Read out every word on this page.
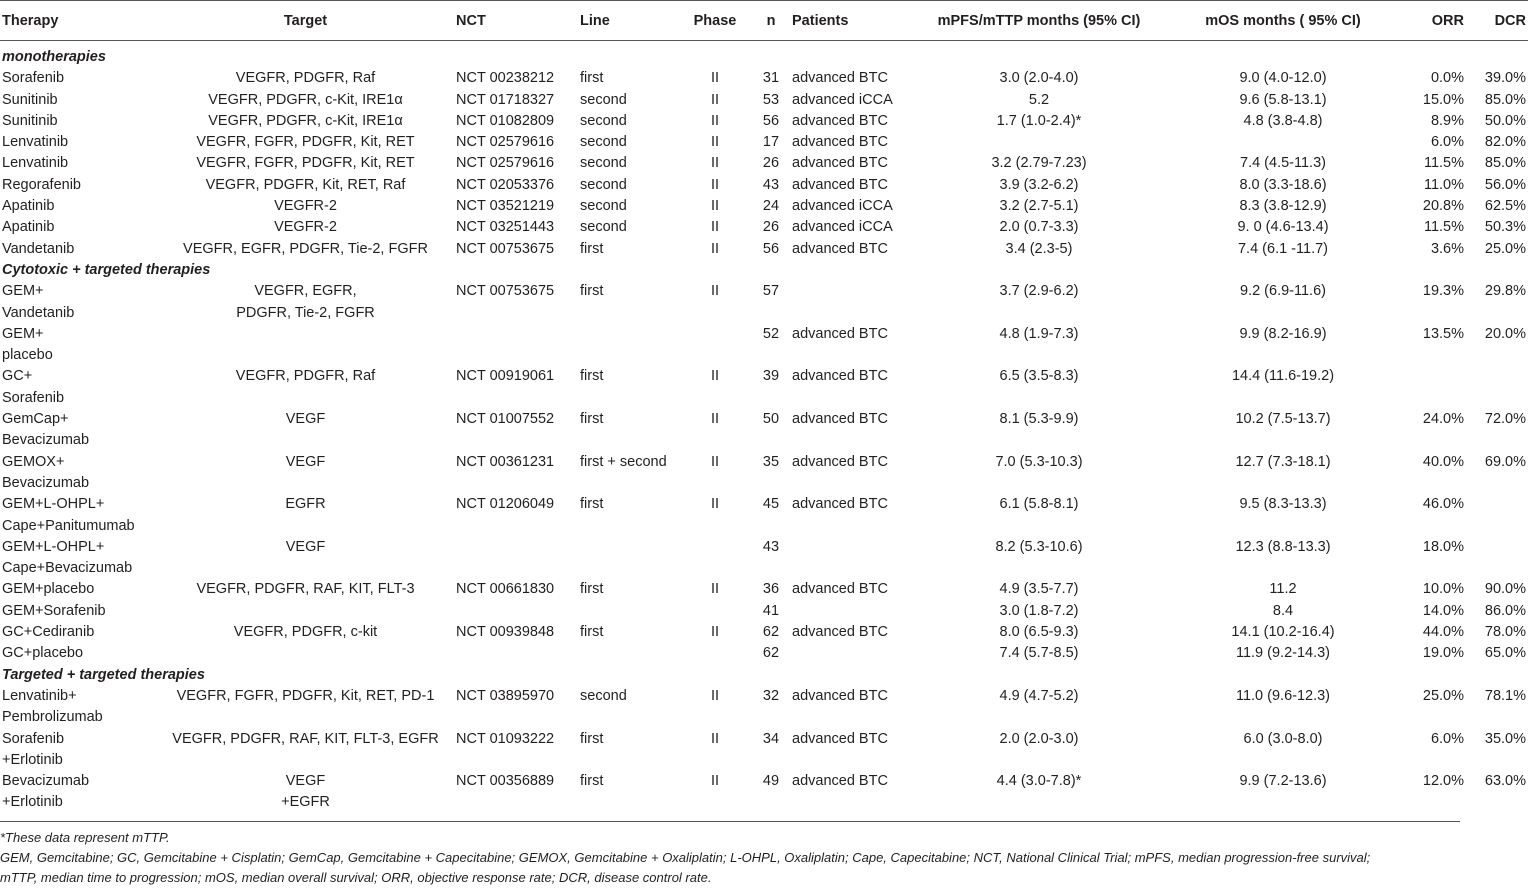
Therapy	Target	NCT	Line	Phase	n	Patients	mPFS/mTTP months (95% CI)	mOS months ( 95% CI)	ORR	DCR
monotherapies										
Sorafenib	VEGFR, PDGFR, Raf	NCT 00238212	first	II	31	advanced BTC	3.0 (2.0-4.0)	9.0 (4.0-12.0)	0.0%	39.0%
Sunitinib	VEGFR, PDGFR, c-Kit, IRE1α	NCT 01718327	second	II	53	advanced iCCA	5.2	9.6 (5.8-13.1)	15.0%	85.0%
Sunitinib	VEGFR, PDGFR, c-Kit, IRE1α	NCT 01082809	second	II	56	advanced BTC	1.7 (1.0-2.4)*	4.8 (3.8-4.8)	8.9%	50.0%
Lenvatinib	VEGFR, FGFR, PDGFR, Kit, RET	NCT 02579616	second	II	17	advanced BTC			6.0%	82.0%
Lenvatinib	VEGFR, FGFR, PDGFR, Kit, RET	NCT 02579616	second	II	26	advanced BTC	3.2 (2.79-7.23)	7.4 (4.5-11.3)	11.5%	85.0%
Regorafenib	VEGFR, PDGFR, Kit, RET, Raf	NCT 02053376	second	II	43	advanced BTC	3.9 (3.2-6.2)	8.0 (3.3-18.6)	11.0%	56.0%
Apatinib	VEGFR-2	NCT 03521219	second	II	24	advanced iCCA	3.2 (2.7-5.1)	8.3 (3.8-12.9)	20.8%	62.5%
Apatinib	VEGFR-2	NCT 03251443	second	II	26	advanced iCCA	2.0 (0.7-3.3)	9. 0 (4.6-13.4)	11.5%	50.3%
Vandetanib	VEGFR, EGFR, PDGFR, Tie-2, FGFR	NCT 00753675	first	II	56	advanced BTC	3.4 (2.3-5)	7.4 (6.1 -11.7)	3.6%	25.0%
Cytotoxic + targeted therapies										
GEM+	VEGFR, EGFR,	NCT 00753675	first	II	57		3.7 (2.9-6.2)	9.2 (6.9-11.6)	19.3%	29.8%
Vandetanib	PDGFR, Tie-2, FGFR									
GEM+					52	advanced BTC	4.8 (1.9-7.3)	9.9 (8.2-16.9)	13.5%	20.0%
placebo										
GC+	VEGFR, PDGFR, Raf	NCT 00919061	first	II	39	advanced BTC	6.5 (3.5-8.3)	14.4 (11.6-19.2)		
Sorafenib										
GemCap+	VEGF	NCT 01007552	first	II	50	advanced BTC	8.1 (5.3-9.9)	10.2 (7.5-13.7)	24.0%	72.0%
Bevacizumab										
GEMOX+	VEGF	NCT 00361231	first + second	II	35	advanced BTC	7.0 (5.3-10.3)	12.7 (7.3-18.1)	40.0%	69.0%
Bevacizumab										
GEM+L-OHPL+	EGFR	NCT 01206049	first	II	45	advanced BTC	6.1 (5.8-8.1)	9.5 (8.3-13.3)	46.0%	
Cape+Panitumumab										
GEM+L-OHPL+	VEGF				43		8.2 (5.3-10.6)	12.3 (8.8-13.3)	18.0%	
Cape+Bevacizumab										
GEM+placebo	VEGFR, PDGFR, RAF, KIT, FLT-3	NCT 00661830	first	II	36	advanced BTC	4.9 (3.5-7.7)	11.2	10.0%	90.0%
GEM+Sorafenib					41		3.0 (1.8-7.2)	8.4	14.0%	86.0%
GC+Cediranib	VEGFR, PDGFR, c-kit	NCT 00939848	first	II	62	advanced BTC	8.0 (6.5-9.3)	14.1 (10.2-16.4)	44.0%	78.0%
GC+placebo					62		7.4 (5.7-8.5)	11.9 (9.2-14.3)	19.0%	65.0%
Targeted + targeted therapies										
Lenvatinib+	VEGFR, FGFR, PDGFR, Kit, RET, PD-1	NCT 03895970	second	II	32	advanced BTC	4.9 (4.7-5.2)	11.0 (9.6-12.3)	25.0%	78.1%
Pembrolizumab										
Sorafenib	VEGFR, PDGFR, RAF, KIT, FLT-3, EGFR	NCT 01093222	first	II	34	advanced BTC	2.0 (2.0-3.0)	6.0 (3.0-8.0)	6.0%	35.0%
+Erlotinib										
Bevacizumab	VEGF	NCT 00356889	first	II	49	advanced BTC	4.4 (3.0-7.8)*	9.9 (7.2-13.6)	12.0%	63.0%
+Erlotinib	+EGFR									
*These data represent mTTP.
GEM, Gemcitabine; GC, Gemcitabine + Cisplatin; GemCap, Gemcitabine + Capecitabine; GEMOX, Gemcitabine + Oxaliplatin; L-OHPL, Oxaliplatin; Cape, Capecitabine; NCT, National Clinical Trial; mPFS, median progression-free survival;
mTTP, median time to progression; mOS, median overall survival; ORR, objective response rate; DCR, disease control rate.
